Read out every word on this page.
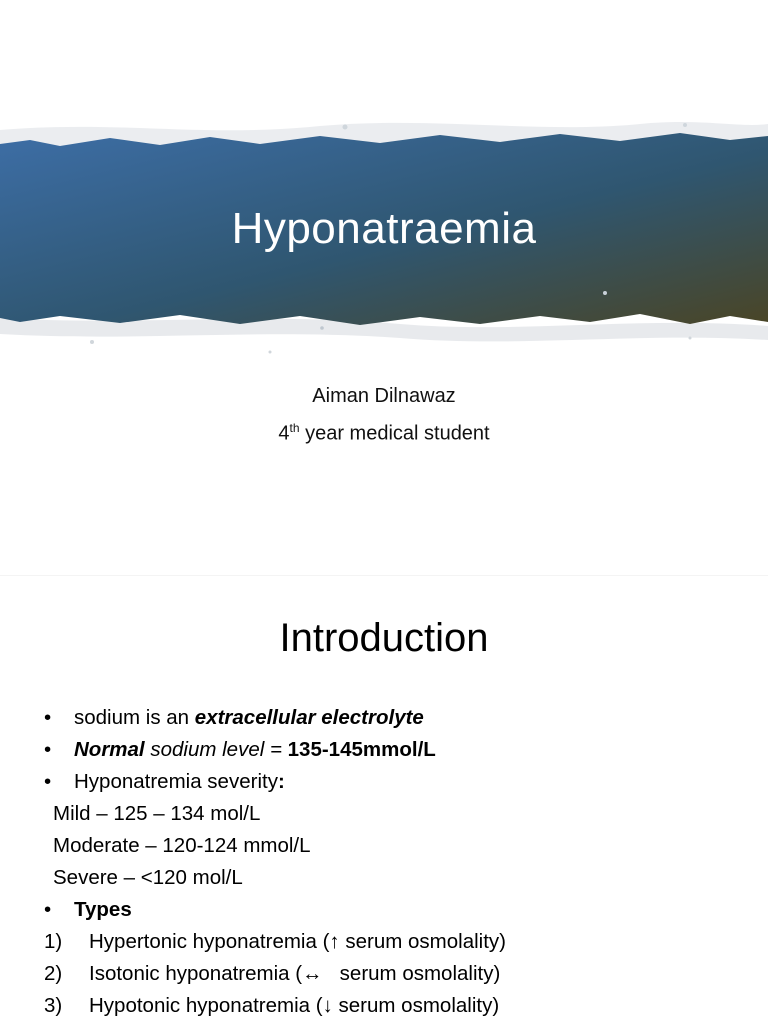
Hyponatraemia
Aiman Dilnawaz
4th year medical student
Introduction
• sodium is an extracellular electrolyte
• Normal sodium level = 135-145mmol/L
• Hyponatremia severity:
Mild – 125 – 134 mol/L
Moderate – 120-124 mmol/L
Severe – <120 mol/L
• Types
1) Hypertonic hyponatremia (↑ serum osmolality)
2) Isotonic hyponatremia (↔   serum osmolality)
3) Hypotonic hyponatremia (↓ serum osmolality)
